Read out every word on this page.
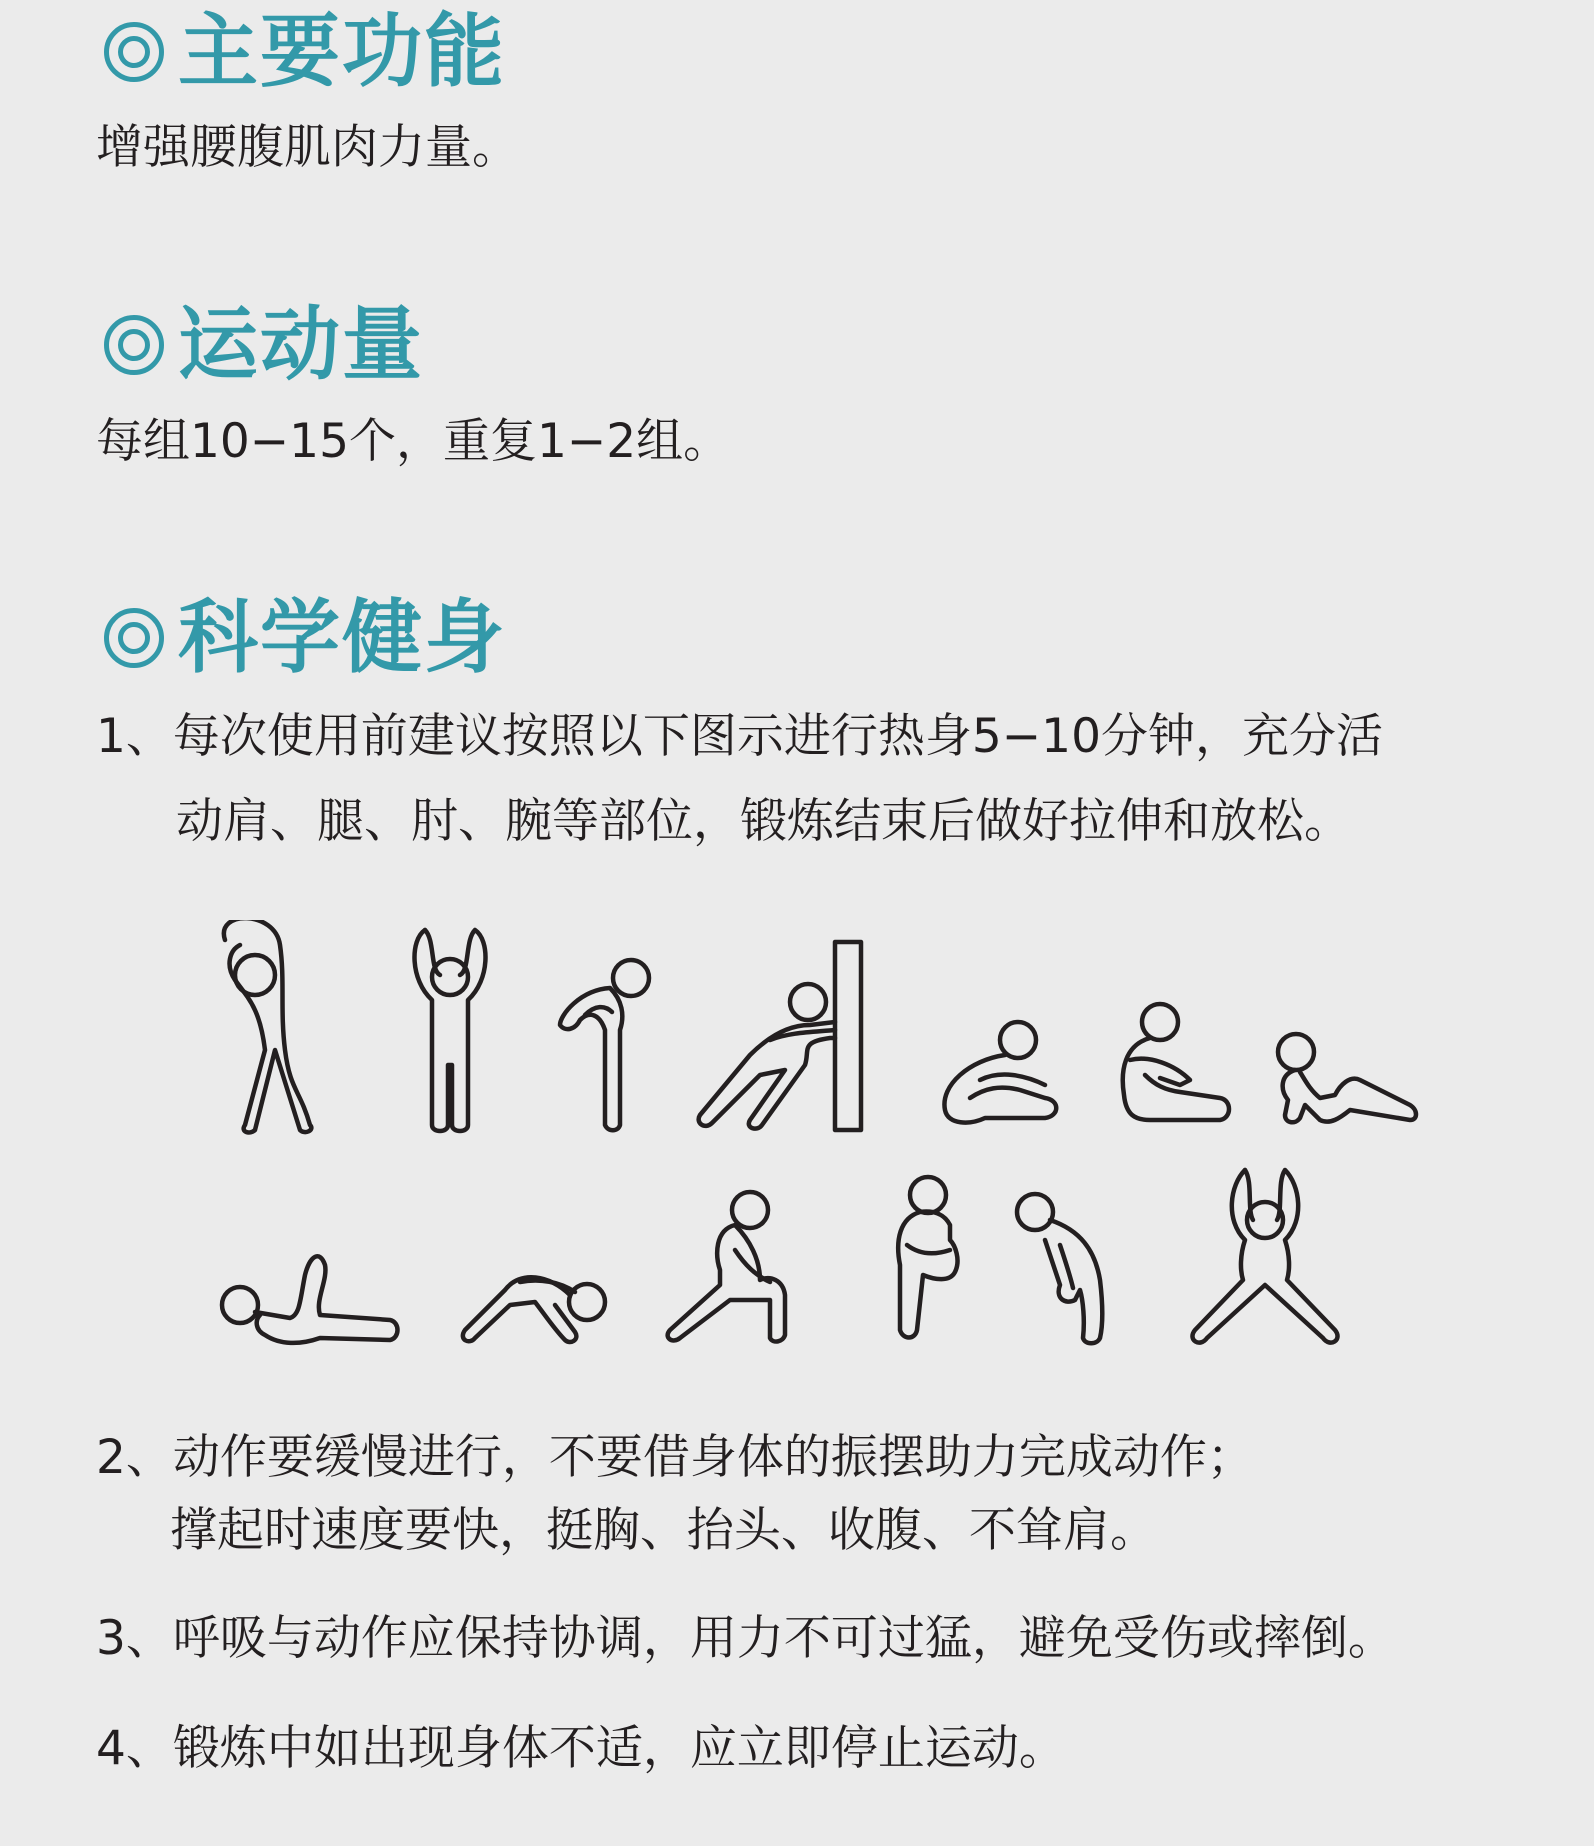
主要功能
增强腰腹肌肉力量。
运动量
每组10−15个，重复1−2组。
科学健身
1、每次使用前建议按照以下图示进行热身5−10分钟，充分活
动肩、腿、肘、腕等部位，锻炼结束后做好拉伸和放松。
2、动作要缓慢进行，不要借身体的振摆助力完成动作；
撑起时速度要快，挺胸、抬头、收腹、不耸肩。
3、呼吸与动作应保持协调，用力不可过猛，避免受伤或摔倒。
4、锻炼中如出现身体不适，应立即停止运动。
